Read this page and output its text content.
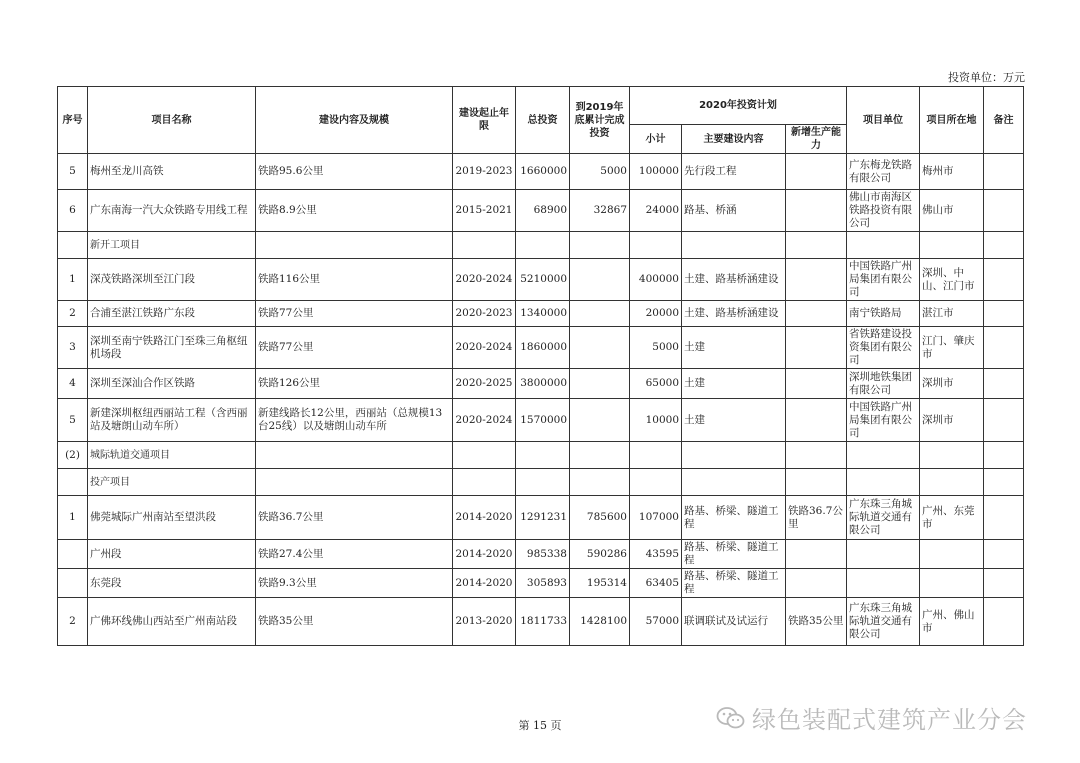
投资单位：万元
序号	项目名称	建设内容及规模	建设起止年限	总投资	到2019年底累计完成投资	2020年投资计划			项目单位	项目所在地	备注
						小计	主要建设内容	新增生产能力			
5	梅州至龙川高铁	铁路95.6公里	2019-2023	1660000	5000	100000	先行段工程		广东梅龙铁路有限公司	梅州市	
6	广东南海一汽大众铁路专用线工程	铁路8.9公里	2015-2021	68900	32867	24000	路基、桥涵		佛山市南海区铁路投资有限公司	佛山市	
	新开工项目										
1	深茂铁路深圳至江门段	铁路116公里	2020-2024	5210000		400000	土建、路基桥涵建设		中国铁路广州局集团有限公司	深圳、中山、江门市	
2	合浦至湛江铁路广东段	铁路77公里	2020-2023	1340000		20000	土建、路基桥涵建设		南宁铁路局	湛江市	
3	深圳至南宁铁路江门至珠三角枢纽机场段	铁路77公里	2020-2024	1860000		5000	土建		省铁路建设投资集团有限公司	江门、肇庆市	
4	深圳至深汕合作区铁路	铁路126公里	2020-2025	3800000		65000	土建		深圳地铁集团有限公司	深圳市	
5	新建深圳枢纽西丽站工程（含西丽站及塘朗山动车所）	新建线路长12公里，西丽站（总规模13台25线）以及塘朗山动车所	2020-2024	1570000		10000	土建		中国铁路广州局集团有限公司	深圳市	
(2)	城际轨道交通项目										
	投产项目										
1	佛莞城际广州南站至望洪段	铁路36.7公里	2014-2020	1291231	785600	107000	路基、桥梁、隧道工程	铁路36.7公里	广东珠三角城际轨道交通有限公司	广州、东莞市	
	广州段	铁路27.4公里	2014-2020	985338	590286	43595	路基、桥梁、隧道工程				
	东莞段	铁路9.3公里	2014-2020	305893	195314	63405	路基、桥梁、隧道工程				
2	广佛环线佛山西站至广州南站段	铁路35公里	2013-2020	1811733	1428100	57000	联调联试及试运行	铁路35公里	广东珠三角城际轨道交通有限公司	广州、佛山市	
第 15 页	绿色装配式建筑产业分会
